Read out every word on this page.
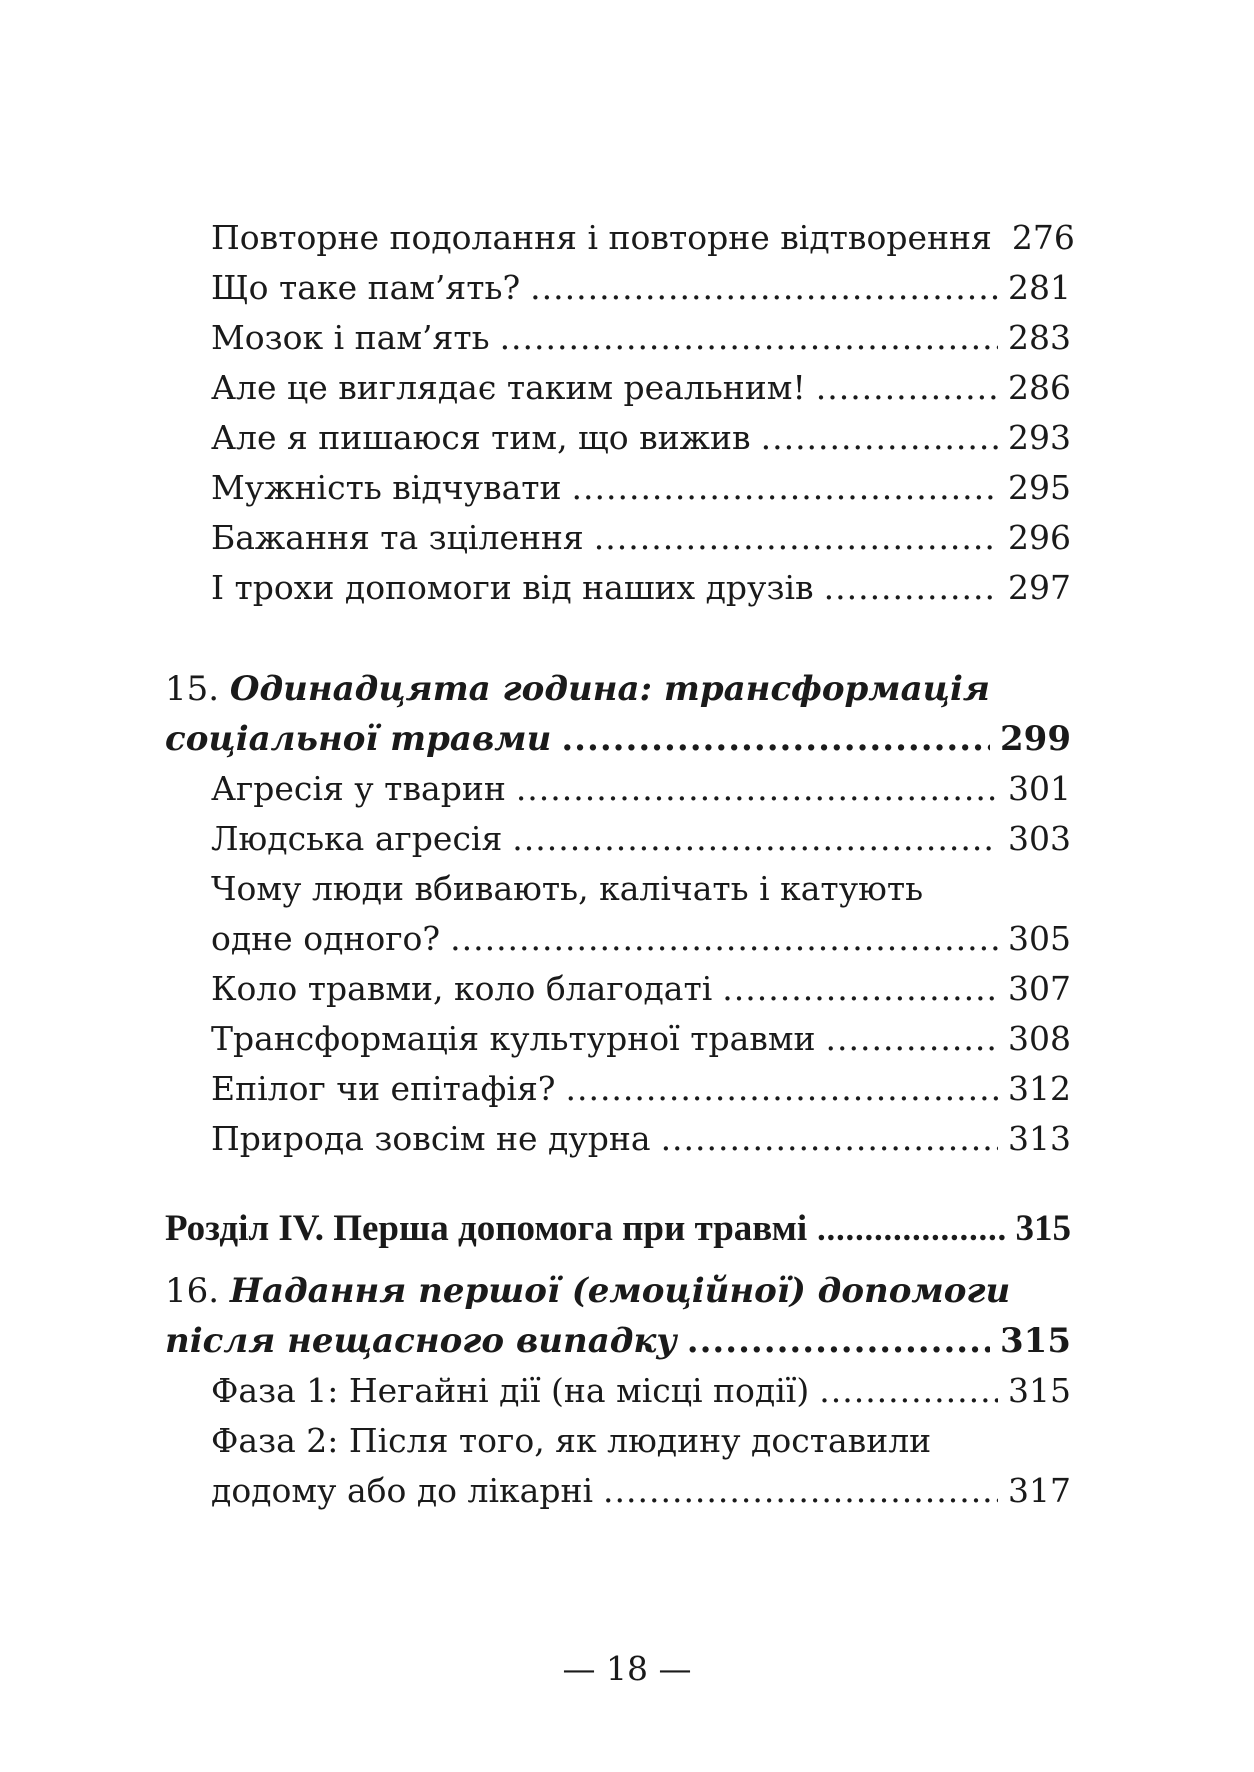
Повторне подолання і повторне відтворення 276
Що таке пам’ять? .....	281
Мозок і пам’ять .....	283
Але це виглядає таким реальним! .....	286
Але я пишаюся тим, що вижив .....	293
Мужність відчувати .....	295
Бажання та зцілення .....	296
І трохи допомоги від наших друзів .....	297
15. Одинадцята година: трансформація
соціальної травми .....	299
Агресія у тварин .....	301
Людська агресія .....	303
Чому люди вбивають, калічать і катують
одне одного? .....	305
Коло травми, коло благодаті .....	307
Трансформація культурної травми .....	308
Епілог чи епітафія? .....	312
Природа зовсім не дурна .....	313
Розділ IV. Перша допомога при травмі .....	315
16. Надання першої (емоційної) допомоги
після нещасного випадку .....	315
Фаза 1: Негайні дії (на місці події) .....	315
Фаза 2: Після того, як людину доставили
додому або до лікарні .....	317
— 18 —
